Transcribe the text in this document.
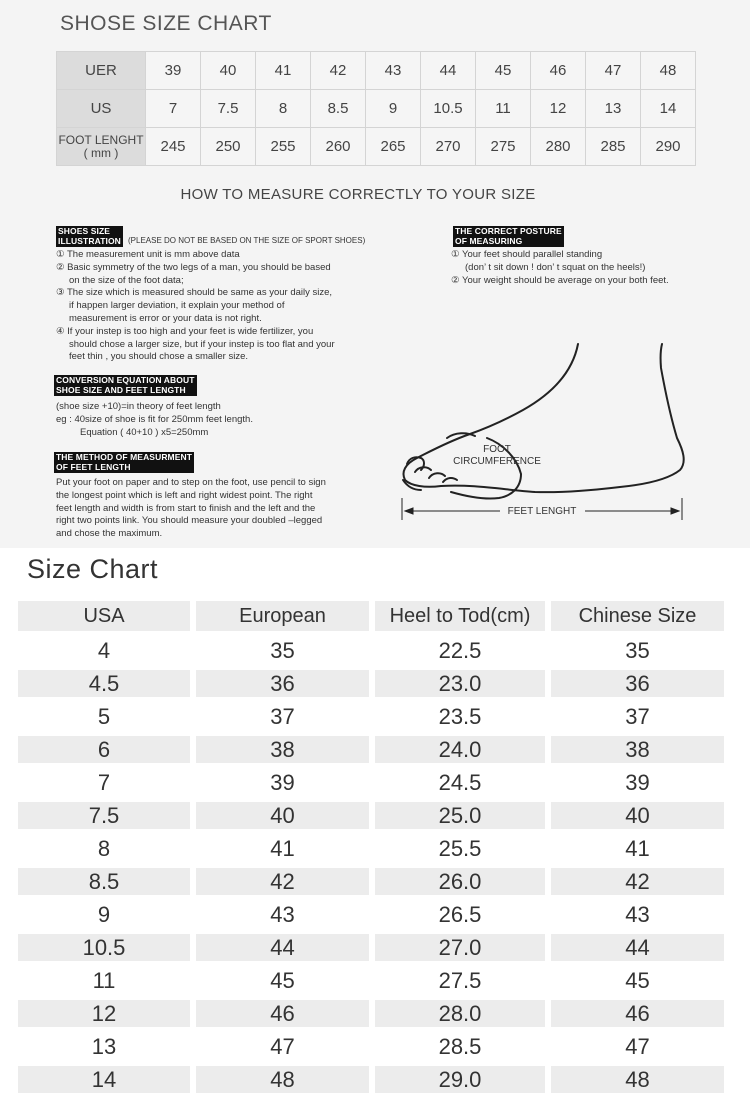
SHOSE SIZE CHART
UER	39	40	41	42	43	44	45	46	47	48
US	7	7.5	8	8.5	9	10.5	11	12	13	14
FOOT LENGHT
( mm )	245	250	255	260	265	270	275	280	285	290
HOW TO MEASURE CORRECTLY TO YOUR SIZE
SHOES SIZE
ILLUSTRATION (PLEASE DO NOT BE BASED ON THE SIZE OF SPORT SHOES)
① The measurement unit is mm above data
② Basic symmetry of the two legs of a man, you should be based
on the size of the foot data;
③ The size which is measured should be same as your daily size,
if happen larger deviation, it explain your method of
measurement is error or your data is not right.
④ If your instep is too high and your feet is wide fertilizer, you
should chose a larger size, but if your instep is too flat and your
feet thin , you should chose a smaller size.
CONVERSION EQUATION ABOUT
SHOE SIZE AND FEET LENGTH
(shoe size +10)=in theory of feet length
eg : 40size of shoe is fit for 250mm feet length.
Equation ( 40+10 ) x5=250mm
THE METHOD OF MEASURMENT
OF FEET LENGTH
Put your foot on paper and to step on the foot, use pencil to sign
the longest point which is left and right widest point. The right
feet length and width is from start to finish and the left and the
right two points link. You should measure your doubled –legged
and chose the maximum.
THE CORRECT POSTURE
OF MEASURING
① Your feet should parallel standing
(don’ t sit down ! don’ t squat on the heels!)
② Your weight should be average on your both feet.
FOOT
CIRCUMFERENCE
FEET LENGHT
Size Chart
USA		European		Heel to Tod(cm)		Chinese Size
4		35		22.5		35
4.5		36		23.0		36
5		37		23.5		37
6		38		24.0		38
7		39		24.5		39
7.5		40		25.0		40
8		41		25.5		41
8.5		42		26.0		42
9		43		26.5		43
10.5		44		27.0		44
11		45		27.5		45
12		46		28.0		46
13		47		28.5		47
14		48		29.0		48
